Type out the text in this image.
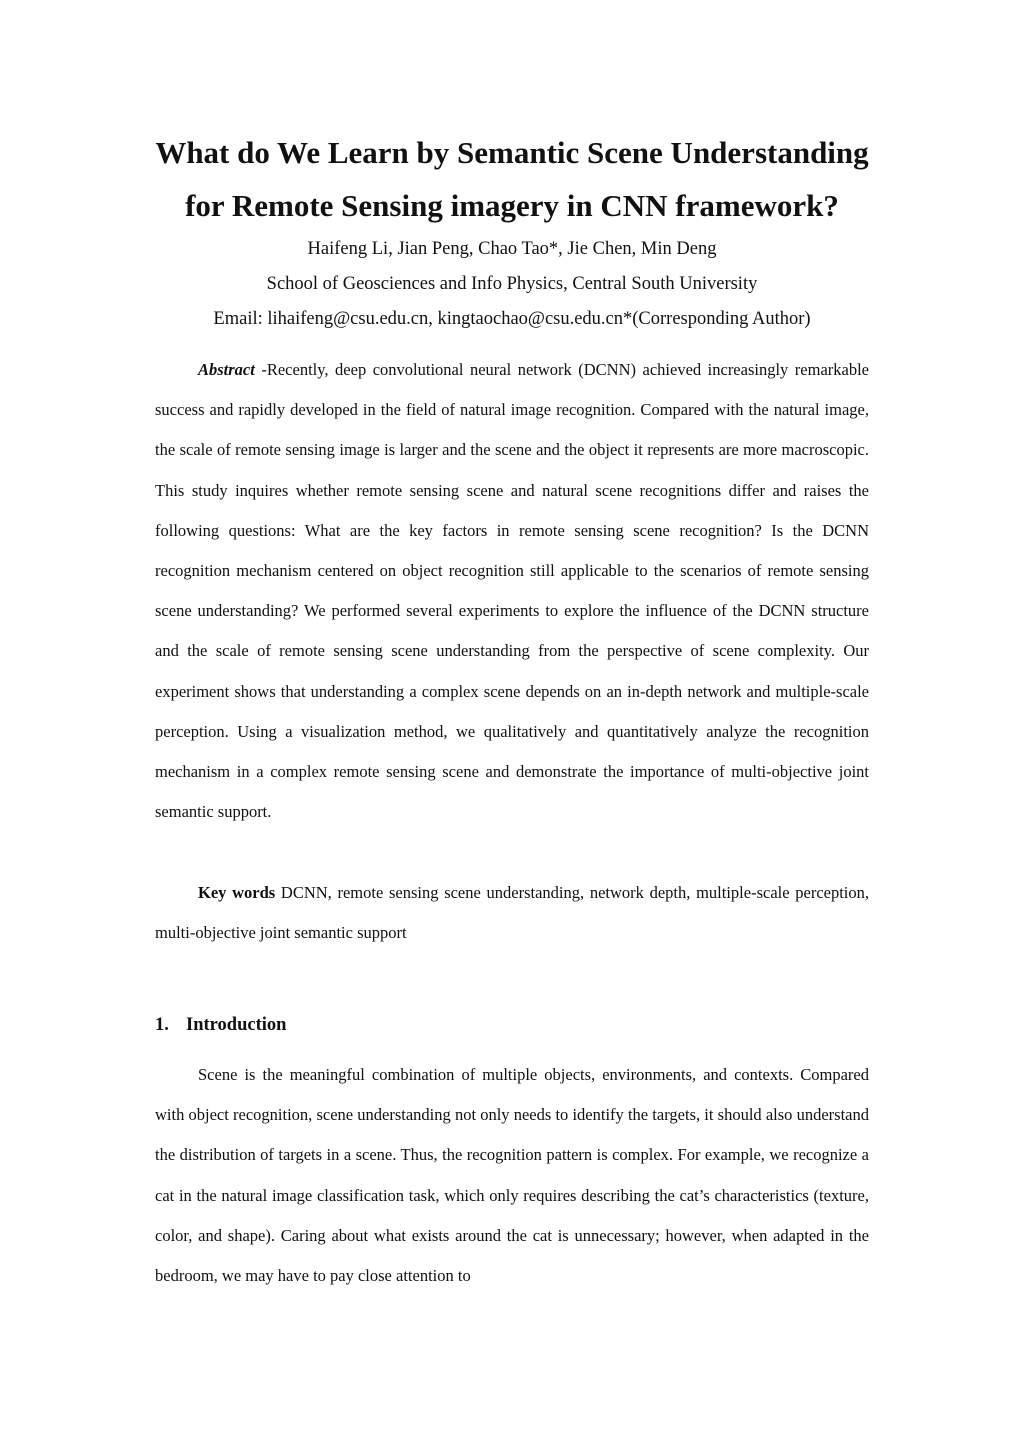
What do We Learn by Semantic Scene Understanding
for Remote Sensing imagery in CNN framework?
Haifeng Li, Jian Peng, Chao Tao*, Jie Chen, Min Deng
School of Geosciences and Info Physics, Central South University
Email: lihaifeng@csu.edu.cn, kingtaochao@csu.edu.cn*(Corresponding Author)

Abstract -Recently, deep convolutional neural network (DCNN) achieved increasingly remarkable success and rapidly developed in the field of natural image recognition. Compared with the natural image, the scale of remote sensing image is larger and the scene and the object it represents are more macroscopic. This study inquires whether remote sensing scene and natural scene recognitions differ and raises the following questions: What are the key factors in remote sensing scene recognition? Is the DCNN recognition mechanism centered on object recognition still applicable to the scenarios of remote sensing scene understanding? We performed several experiments to explore the influence of the DCNN structure and the scale of remote sensing scene understanding from the perspective of scene complexity. Our experiment shows that understanding a complex scene depends on an in-depth network and multiple-scale perception. Using a visualization method, we qualitatively and quantitatively analyze the recognition mechanism in a complex remote sensing scene and demonstrate the importance of multi-objective joint semantic support.

Key words DCNN, remote sensing scene understanding, network depth, multiple-scale perception, multi-objective joint semantic support

1. Introduction

Scene is the meaningful combination of multiple objects, environments, and contexts. Compared with object recognition, scene understanding not only needs to identify the targets, it should also understand the distribution of targets in a scene. Thus, the recognition pattern is complex. For example, we recognize a cat in the natural image classification task, which only requires describing the cat’s characteristics (texture, color, and shape). Caring about what exists around the cat is unnecessary; however, when adapted in the bedroom, we may have to pay close attention to
